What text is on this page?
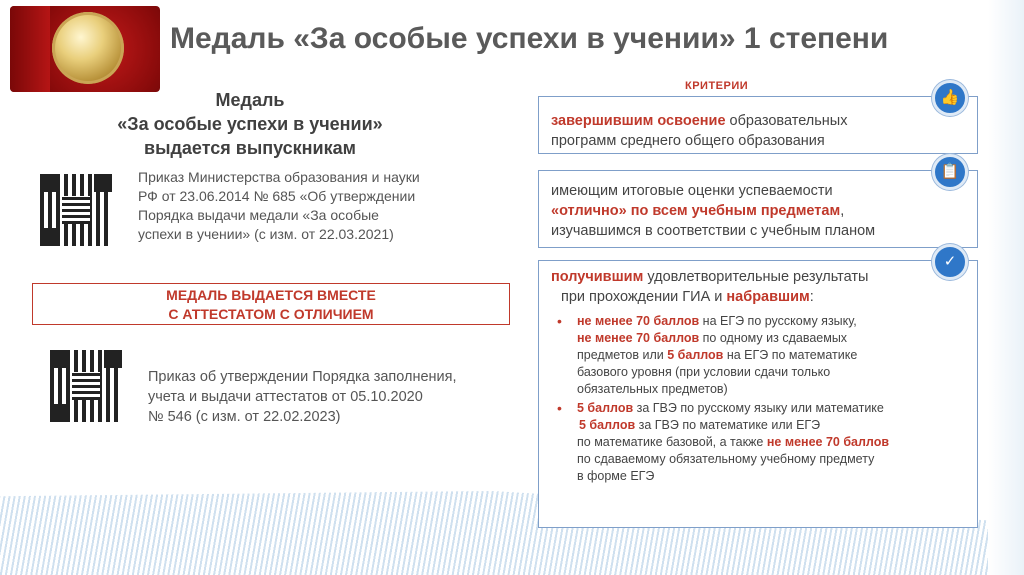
Медаль «За особые успехи в учении» 1 степени
Медаль
«За особые успехи в учении»
выдается выпускникам
Приказ Министерства образования и науки
РФ от 23.06.2014 № 685 «Об утверждении
Порядка выдачи медали «За особые
успехи в учении» (с изм. от 22.03.2021)
МЕДАЛЬ ВЫДАЕТСЯ ВМЕСТЕ
С АТТЕСТАТОМ С ОТЛИЧИЕМ
Приказ об утверждении Порядка заполнения,
учета и выдачи аттестатов от 05.10.2020
№ 546 (с изм. от 22.02.2023)
КРИТЕРИИ
завершившим освоение образовательных
программ среднего общего образования
👍
имеющим итоговые оценки успеваемости
«отлично» по всем учебным предметам,
изучавшимся в соответствии с учебным планом
📋
получившим удовлетворительные результаты
при прохождении ГИА и набравшим:
• не менее 70 баллов на ЕГЭ по русскому языку,
не менее 70 баллов по одному из сдаваемых
предметов или 5 баллов на ЕГЭ по математике
базового уровня (при условии сдачи только
обязательных предметов)
• 5 баллов за ГВЭ по русскому языку или математике
5 баллов за ГВЭ по математике или ЕГЭ
по математике базовой, а также не менее 70 баллов
по сдаваемому обязательному учебному предмету
в форме ЕГЭ
✓
